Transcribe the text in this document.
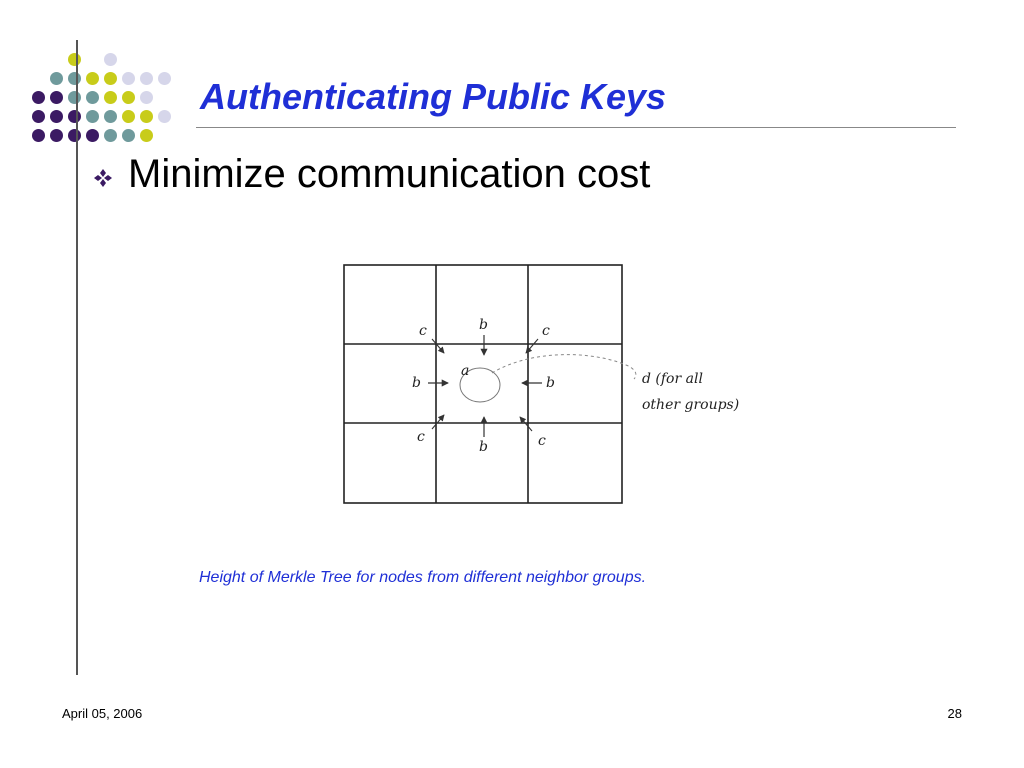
Authenticating Public Keys
Minimize communication cost
a
b
b
b	b
c	c
c	c
d (for all
other groups)
Height of Merkle Tree for nodes from different neighbor groups.
April 05, 2006	28
